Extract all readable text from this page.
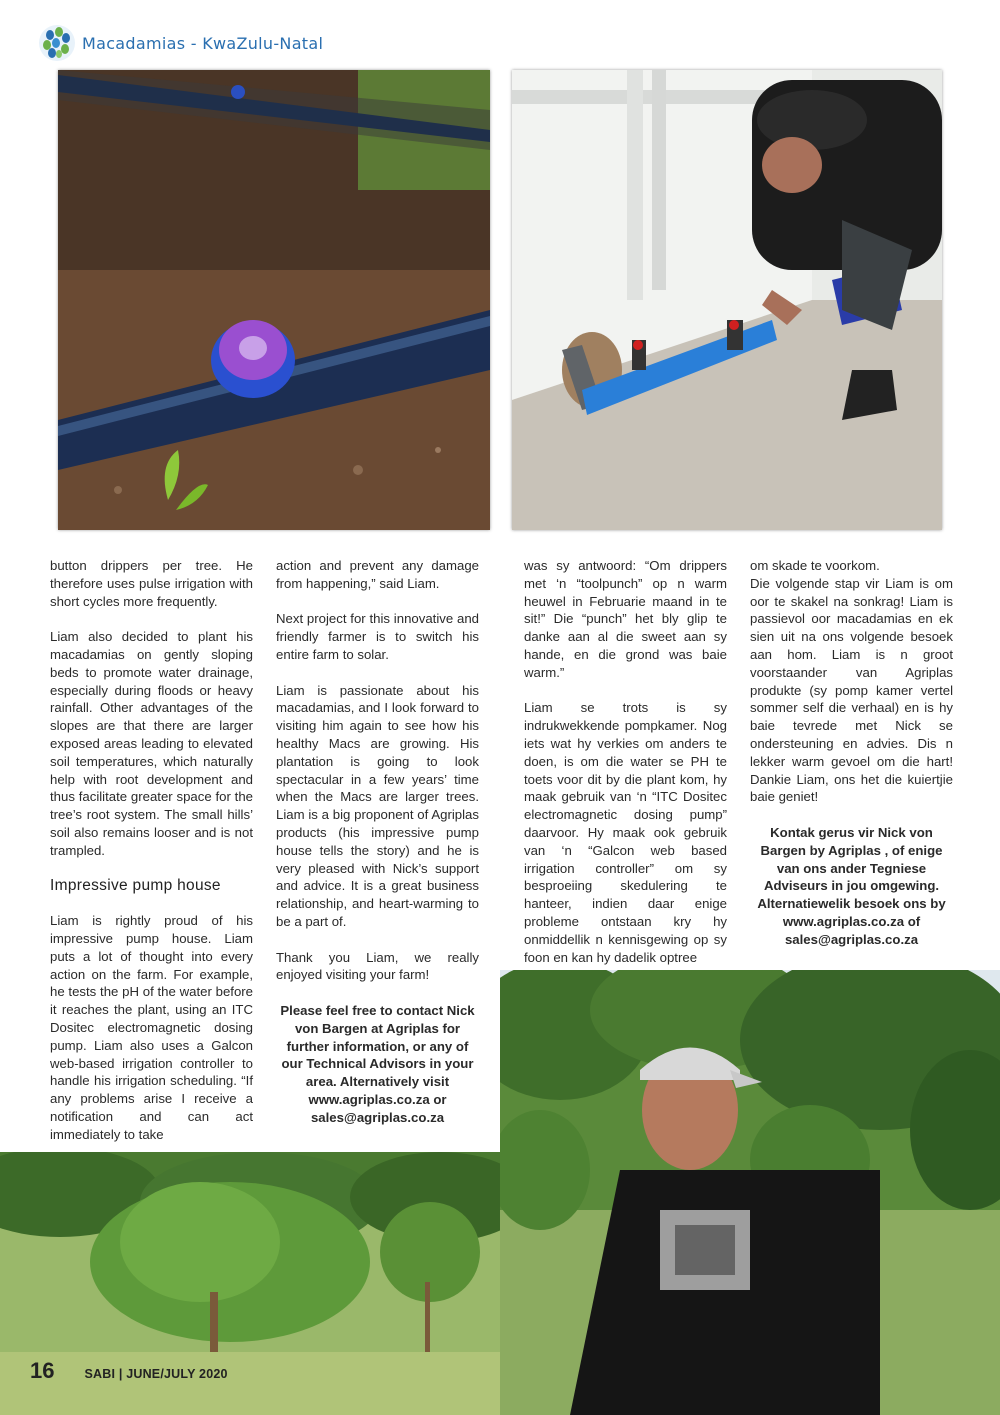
Macadamias - KwaZulu-Natal

button drippers per tree. He therefore uses pulse irrigation with short cycles more frequently.

Liam also decided to plant his macadamias on gently sloping beds to promote water drainage, especially during floods or heavy rainfall. Other advantages of the slopes are that there are larger exposed areas leading to elevated soil temperatures, which naturally help with root development and thus facilitate greater space for the tree’s root system. The small hills’ soil also remains looser and is not trampled.

Impressive pump house

Liam is rightly proud of his impressive pump house. Liam puts a lot of thought into every action on the farm. For example, he tests the pH of the water before it reaches the plant, using an ITC Dositec electromagnetic dosing pump. Liam also uses a Galcon web-based irrigation controller to handle his irrigation scheduling. “If any problems arise I receive a notification and can act immediately to take

action and prevent any damage from happening,” said Liam.

Next project for this innovative and friendly farmer is to switch his entire farm to solar.

Liam is passionate about his macadamias, and I look forward to visiting him again to see how his healthy Macs are growing. His plantation is going to look spectacular in a few years’ time when the Macs are larger trees. Liam is a big proponent of Agriplas products (his impressive pump house tells the story) and he is very pleased with Nick’s support and advice. It is a great business relationship, and heart-warming to be a part of.

Thank you Liam, we really enjoyed visiting your farm!

Please feel free to contact Nick von Bargen at Agriplas for further information, or any of our Technical Advisors in your area. Alternatively visit www.agriplas.co.za or sales@agriplas.co.za

was sy antwoord: “Om drippers met ‘n “toolpunch” op n warm heuwel in Februarie maand in te sit!” Die “punch” het bly glip te danke aan al die sweet aan sy hande, en die grond was baie warm.”

Liam se trots is sy indrukwekkende pompkamer. Nog iets wat hy verkies om anders te doen, is om die water se PH te toets voor dit by die plant kom, hy maak gebruik van ‘n “ITC Dositec electromagnetic dosing pump” daarvoor. Hy maak ook gebruik van ‘n “Galcon web based irrigation controller” om sy besproeiing skedulering te hanteer, indien daar enige probleme ontstaan kry hy onmiddellik n kennisgewing op sy foon en kan hy dadelik optree

om skade te voorkom.

Die volgende stap vir Liam is om oor te skakel na sonkrag! Liam is passievol oor macadamias en ek sien uit na ons volgende besoek aan hom. Liam is n groot voorstaander van Agriplas produkte (sy pomp kamer vertel sommer self die verhaal) en is hy baie tevrede met Nick se ondersteuning en advies. Dis n lekker warm gevoel om die hart! Dankie Liam, ons het die kuiertjie baie geniet!

Kontak gerus vir Nick von Bargen by Agriplas , of enige van ons ander Tegniese Adviseurs in jou omgewing. Alternatiewelik besoek ons by www.agriplas.co.za of sales@agriplas.co.za

16 SABI | JUNE/JULY 2020
